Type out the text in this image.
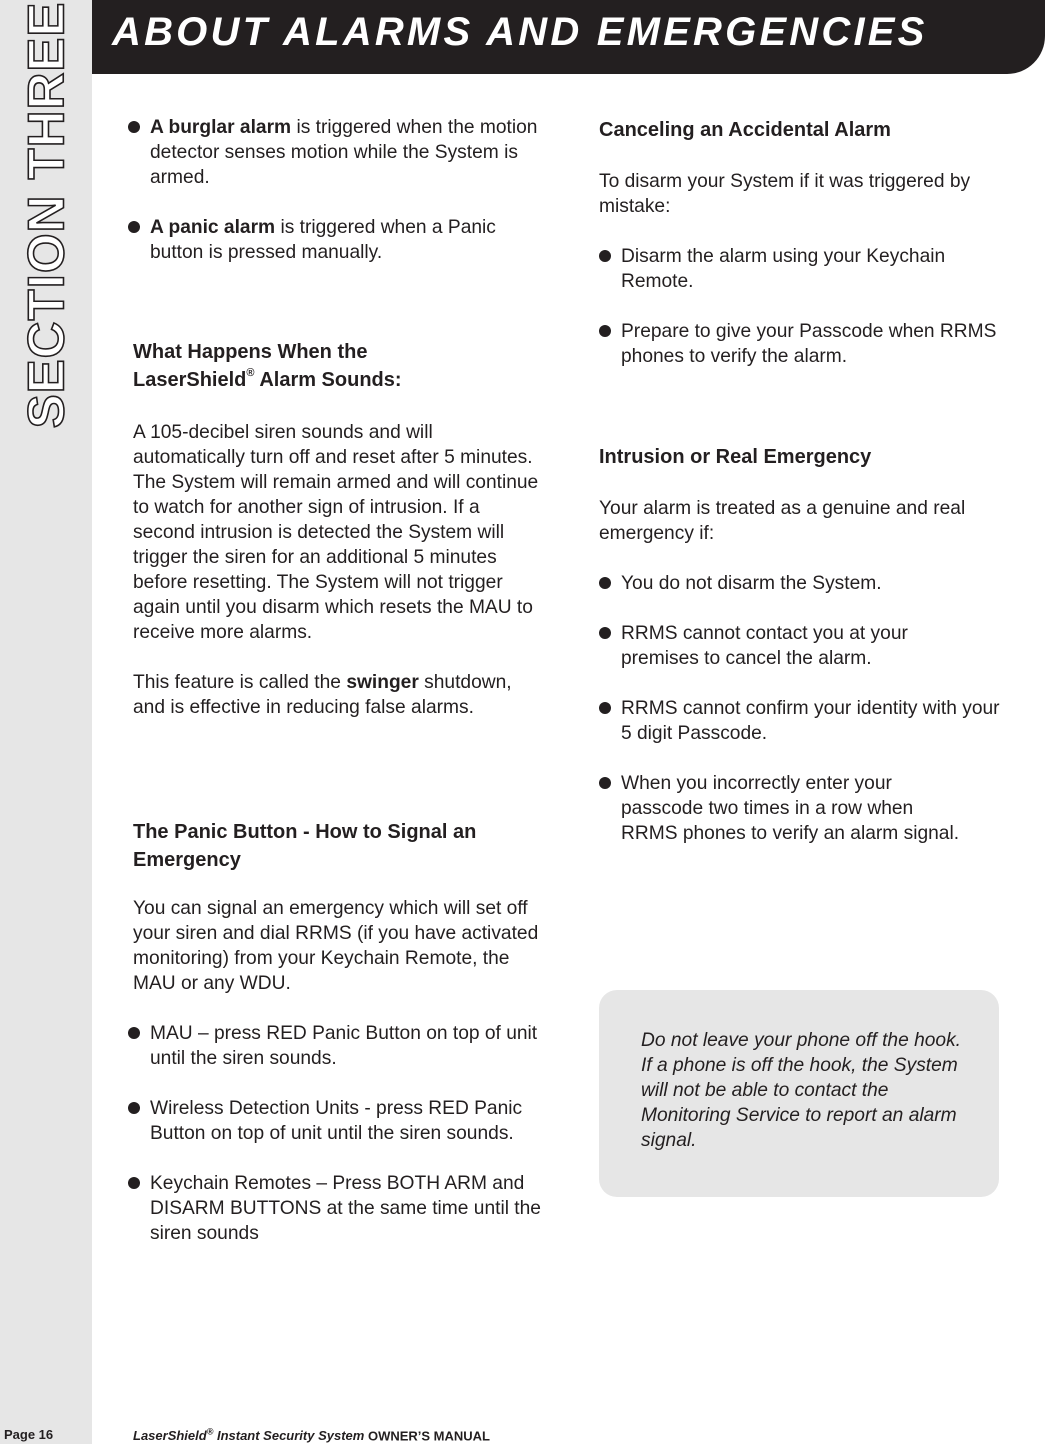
SECTION THREE ABOUT ALARMS AND EMERGENCIES
A burglar alarm is triggered when the motion detector senses motion while the System is armed.
A panic alarm is triggered when a Panic button is pressed manually.
What Happens When the
LaserShield® Alarm Sounds:

A 105-decibel siren sounds and will automatically turn off and reset after 5 minutes. The System will remain armed and will continue to watch for another sign of intrusion. If a second intrusion is detected the System will trigger the siren for an additional 5 minutes before resetting. The System will not trigger again until you disarm which resets the MAU to receive more alarms.

This feature is called the swinger shutdown, and is effective in reducing false alarms.

The Panic Button - How to Signal an Emergency

You can signal an emergency which will set off your siren and dial RRMS (if you have activated monitoring) from your Keychain Remote, the MAU or any WDU.

MAU – press RED Panic Button on top of unit until the siren sounds.
Wireless Detection Units - press RED Panic Button on top of unit until the siren sounds.
Keychain Remotes – Press BOTH ARM and DISARM BUTTONS at the same time until the siren sounds
Canceling an Accidental Alarm

To disarm your System if it was triggered by mistake:

Disarm the alarm using your Keychain Remote.
Prepare to give your Passcode when RRMS phones to verify the alarm.
Intrusion or Real Emergency

Your alarm is treated as a genuine and real emergency if:

You do not disarm the System.
RRMS cannot contact you at your premises to cancel the alarm.
RRMS cannot confirm your identity with your 5 digit Passcode.
When you incorrectly enter your passcode two times in a row when RRMS phones to verify an alarm signal.

Do not leave your phone off the hook. If a phone is off the hook, the System will not be able to contact the Monitoring Service to report an alarm signal.

Page 16	LaserShield® Instant Security System OWNER’S MANUAL
